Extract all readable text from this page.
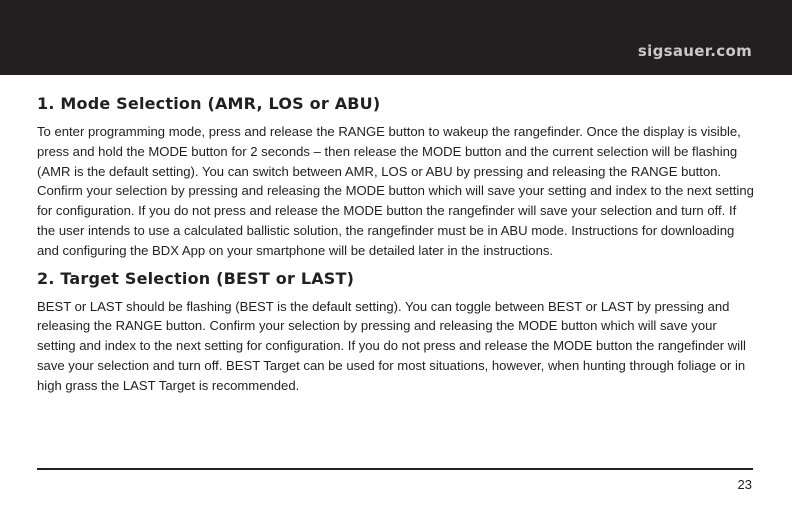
sigsauer.com
1. Mode Selection (AMR, LOS or ABU)

To enter programming mode, press and release the RANGE button to wakeup the rangefinder. Once the display is visible, press and hold the MODE button for 2 seconds – then release the MODE button and the current selection will be flashing (AMR is the default setting). You can switch between AMR, LOS or ABU by pressing and releasing the RANGE button. Confirm your selection by pressing and releasing the MODE button which will save your setting and index to the next setting for configuration. If you do not press and release the MODE button the rangefinder will save your selection and turn off. If the user intends to use a calculated ballistic solution, the rangefinder must be in ABU mode. Instructions for downloading and configuring the BDX App on your smartphone will be detailed later in the instructions.

2. Target Selection (BEST or LAST)

BEST or LAST should be flashing (BEST is the default setting). You can toggle between BEST or LAST by pressing and releasing the RANGE button. Confirm your selection by pressing and releasing the MODE button which will save your setting and index to the next setting for configuration. If you do not press and release the MODE button the rangefinder will save your selection and turn off. BEST Target can be used for most situations, however, when hunting through foliage or in high grass the LAST Target is recommended.

23
